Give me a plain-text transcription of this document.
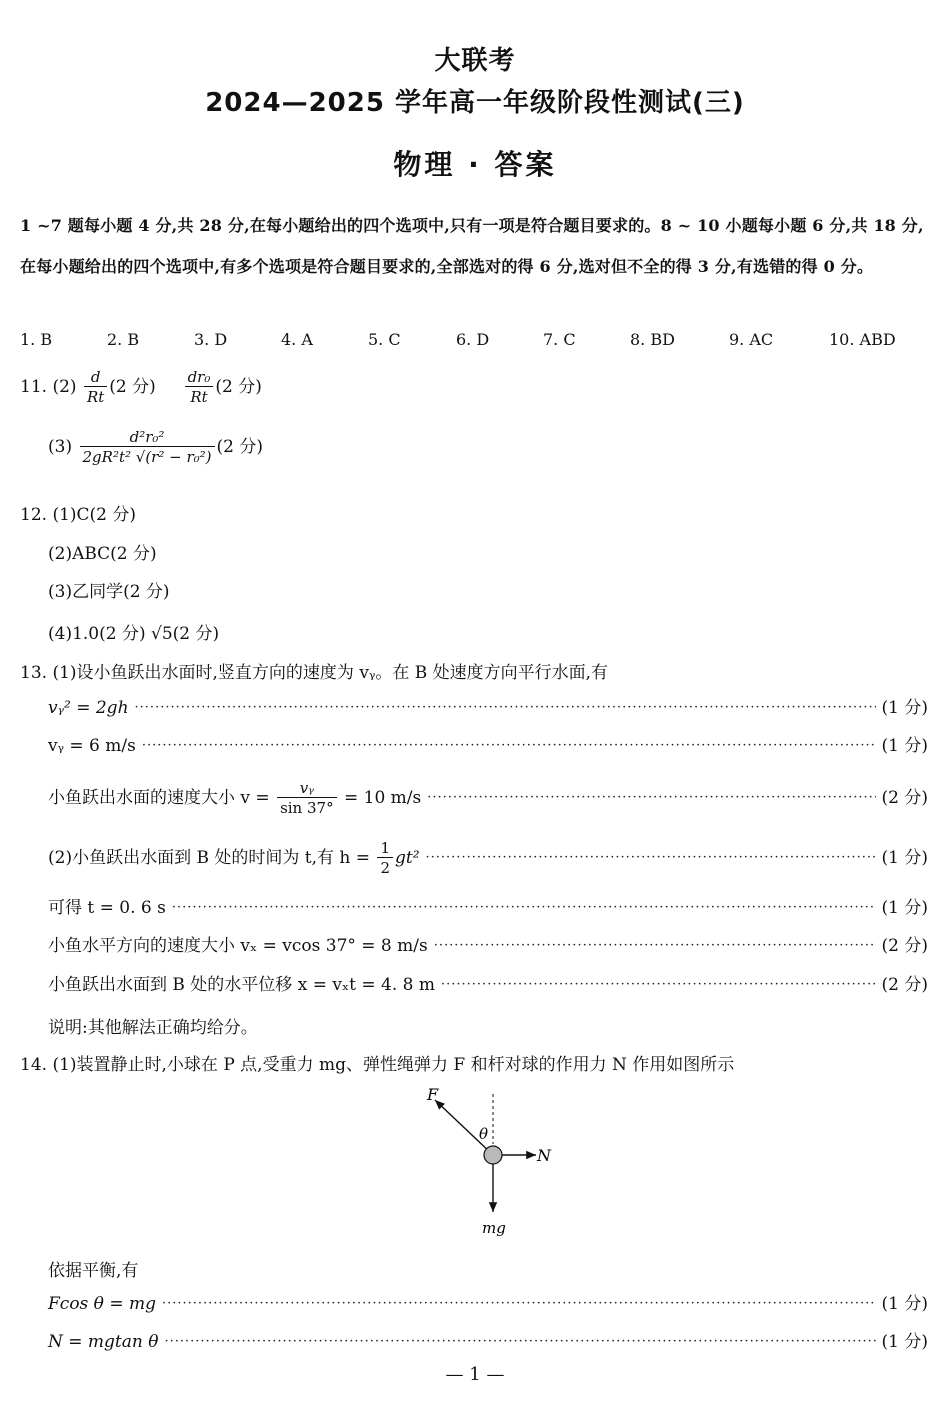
大联考
2024—2025 学年高一年级阶段性测试(三)
物理 · 答案
1 ~7 题每小题 4 分,共 28 分,在每小题给出的四个选项中,只有一项是符合题目要求的。8 ~ 10 小题每小题 6 分,共 18 分,在每小题给出的四个选项中,有多个选项是符合题目要求的,全部选对的得 6 分,选对但不全的得 3 分,有选错的得 0 分。
1. B	2. B	3. D	4. A	5. C	6. D	7. C	8. BD	9. AC	10. ABD
11. $(2) \frac{d}{Rt} (2$ 分) $\frac{\text{dr₀}}{Rt} (2$ 分)
$(3) \frac{\text{d²r₀²}}{\text{2gR²t² √(r² − r₀²)}} (2$ 分)
12. (1)C(2 分)
(2)ABC(2 分)
(3)乙同学(2 分)
(4)1.0(2 分) √5(2 分)
13. (1)设小鱼跃出水面时,竖直方向的速度为 vᵧ。在 B 处速度方向平行水面,有
vᵧ² = 2gh ·····	(1 分)
vᵧ = 6 m/s ·····	(1 分)
小鱼跃出水面的速度大小 $v = \frac{\text{vᵧ}}{\sin 37^\circ} = 10$ m/s ·····	(2 分)
(2)小鱼跃出水面到 B 处的时间为 t,有 $h = \frac{1}{2} gt^2$ ·····	(1 分)
可得 t = 0. 6 s ·····	(1 分)
小鱼水平方向的速度大小 vₓ = vcos 37° = 8 m/s ·····	(2 分)
小鱼跃出水面到 B 处的水平位移 x = vₓt = 4. 8 m ·····	(2 分)
说明:其他解法正确均给分。
14. (1)装置静止时,小球在 P 点,受重力 mg、弹性绳弹力 F 和杆对球的作用力 N 作用如图所示
F
θ
N
mg
依据平衡,有
Fcos θ = mg ·····	(1 分)
N = mgtan θ ·····	(1 分)
— 1 —
